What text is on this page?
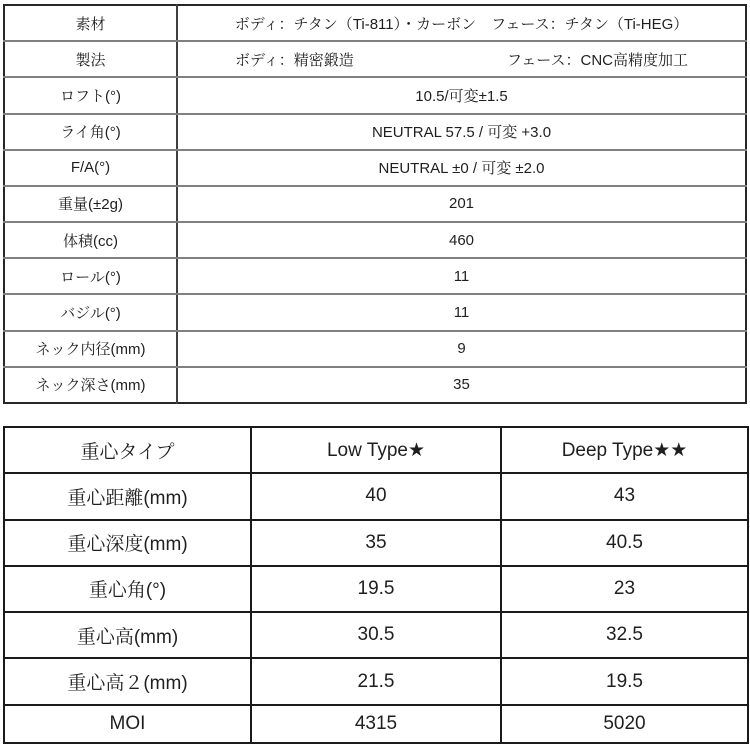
素材	ボディ：チタン（Ti-811）・カーボン　フェース：チタン（Ti-HEG）
製法	ボディ：精密鍛造 フェース：CNC高精度加工

ロフト(°)	10.5/可変±1.5
ライ角(°)	NEUTRAL 57.5 / 可変 +3.0
F/A(°)	NEUTRAL ±0 / 可変 ±2.0
重量(±2g)	201
体積(cc)	460
ロール(°)	11
バジル(°)	11
ネック内径(mm)	9
ネック深さ(mm)	35
重心タイプ	Low Type★	Deep Type★★
重心距離(mm)	40	43
重心深度(mm)	35	40.5
重心角(°)	19.5	23
重心高(mm)	30.5	32.5
重心高２(mm)	21.5	19.5
MOI	4315	5020
